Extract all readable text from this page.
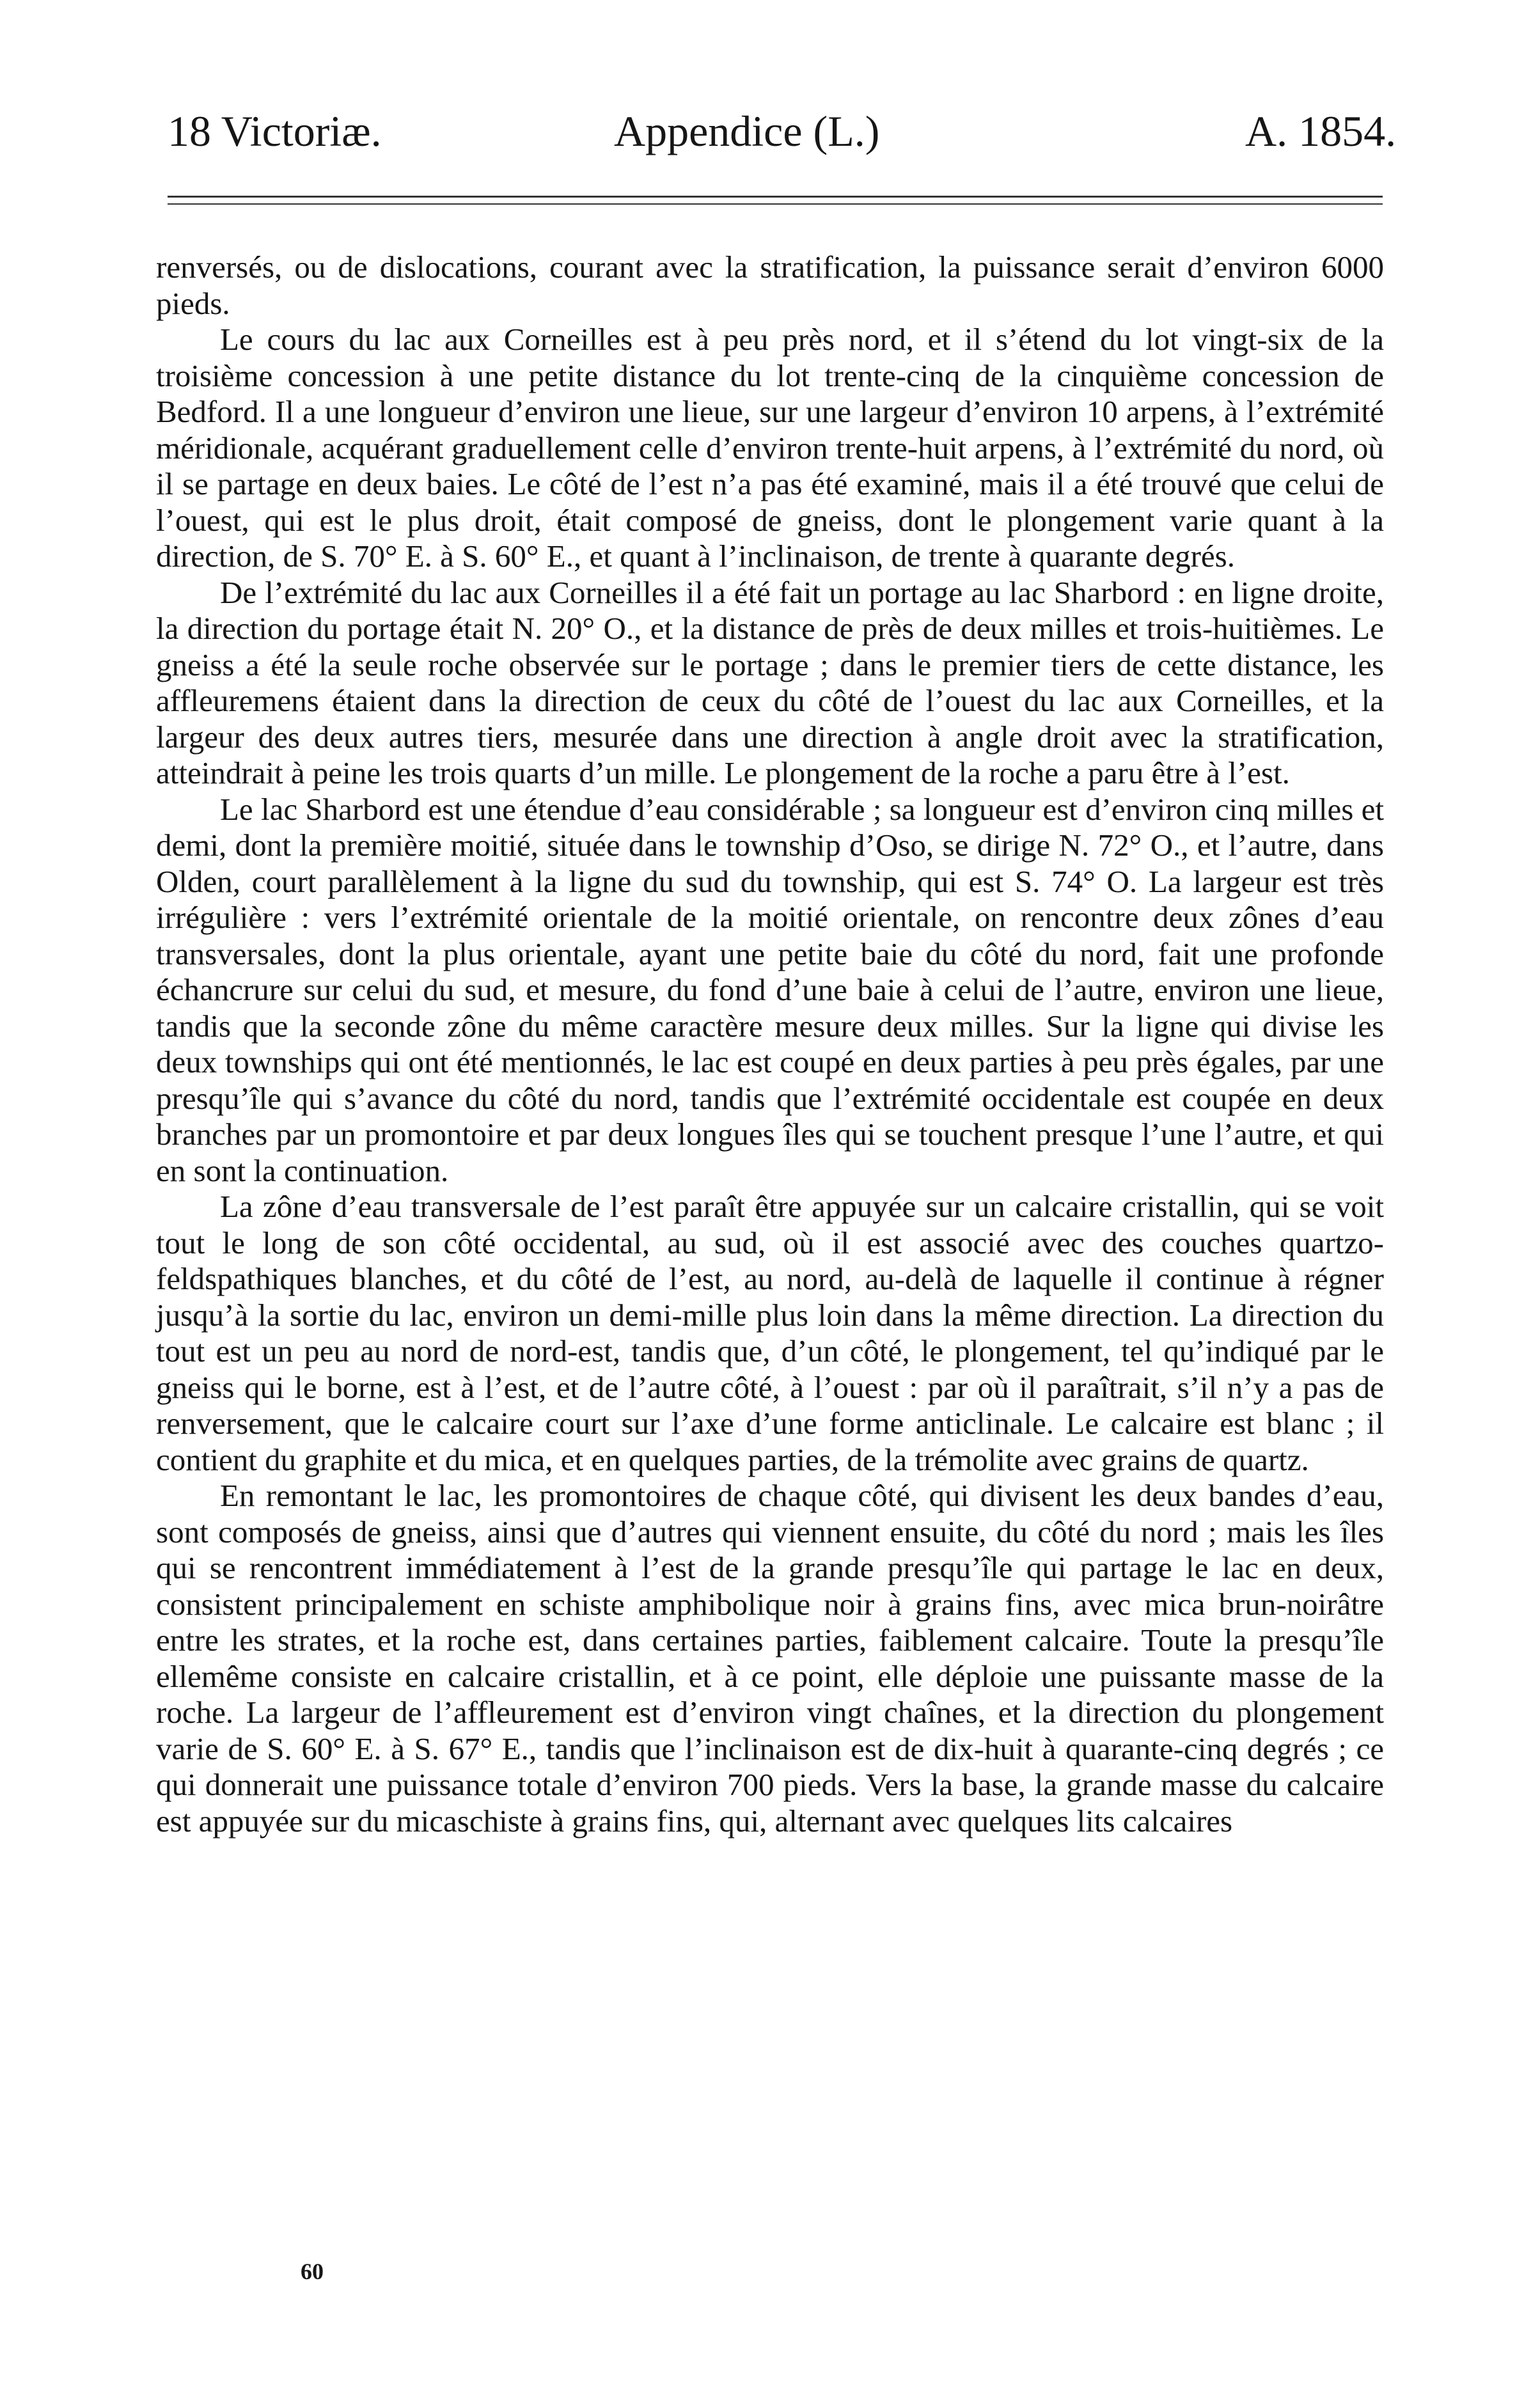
18 Victoriæ.	Appendice (L.)	A. 1854.

renversés, ou de dislocations, courant avec la stratification, la puissance serait d’environ 6000 pieds.

Le cours du lac aux Corneilles est à peu près nord, et il s’étend du lot vingt-six de la troisième concession à une petite distance du lot trente-cinq de la cinquième concession de Bedford. Il a une longueur d’environ une lieue, sur une largeur d’environ 10 arpens, à l’extrémité méridionale, acquérant graduellement celle d’environ trente-huit arpens, à l’extrémité du nord, où il se partage en deux baies. Le côté de l’est n’a pas été examiné, mais il a été trouvé que celui de l’ouest, qui est le plus droit, était composé de gneiss, dont le plongement varie quant à la direction, de S. 70° E. à S. 60° E., et quant à l’inclinaison, de trente à quarante degrés.

De l’extrémité du lac aux Corneilles il a été fait un portage au lac Sharbord : en ligne droite, la direction du portage était N. 20° O., et la distance de près de deux milles et trois-huitièmes. Le gneiss a été la seule roche observée sur le portage ; dans le premier tiers de cette distance, les affleuremens étaient dans la direction de ceux du côté de l’ouest du lac aux Corneilles, et la largeur des deux autres tiers, mesurée dans une direction à angle droit avec la stratification, atteindrait à peine les trois quarts d’un mille. Le plongement de la roche a paru être à l’est.

Le lac Sharbord est une étendue d’eau considérable ; sa longueur est d’environ cinq milles et demi, dont la première moitié, située dans le township d’Oso, se dirige N. 72° O., et l’autre, dans Olden, court parallèlement à la ligne du sud du township, qui est S. 74° O. La largeur est très irrégulière : vers l’extrémité orientale de la moitié orientale, on rencontre deux zônes d’eau transversales, dont la plus orientale, ayant une petite baie du côté du nord, fait une profonde échancrure sur celui du sud, et mesure, du fond d’une baie à celui de l’autre, environ une lieue, tandis que la seconde zône du même caractère mesure deux milles. Sur la ligne qui divise les deux townships qui ont été mentionnés, le lac est coupé en deux parties à peu près égales, par une presqu’île qui s’avance du côté du nord, tandis que l’extrémité occidentale est coupée en deux branches par un promontoire et par deux longues îles qui se touchent presque l’une l’autre, et qui en sont la continuation.

La zône d’eau transversale de l’est paraît être appuyée sur un calcaire cristallin, qui se voit tout le long de son côté occidental, au sud, où il est associé avec des couches quartzo-feldspathiques blanches, et du côté de l’est, au nord, au-delà de laquelle il continue à régner jusqu’à la sortie du lac, environ un demi-mille plus loin dans la même direction. La direction du tout est un peu au nord de nord-est, tandis que, d’un côté, le plongement, tel qu’indiqué par le gneiss qui le borne, est à l’est, et de l’autre côté, à l’ouest : par où il paraîtrait, s’il n’y a pas de renversement, que le calcaire court sur l’axe d’une forme anticlinale. Le calcaire est blanc ; il contient du graphite et du mica, et en quelques parties, de la trémolite avec grains de quartz.

En remontant le lac, les promontoires de chaque côté, qui divisent les deux bandes d’eau, sont composés de gneiss, ainsi que d’autres qui viennent ensuite, du côté du nord ; mais les îles qui se rencontrent immédiatement à l’est de la grande presqu’île qui partage le lac en deux, consistent principalement en schiste amphibolique noir à grains fins, avec mica brun-noirâtre entre les strates, et la roche est, dans certaines parties, faiblement calcaire. Toute la presqu’île ellemême consiste en calcaire cristallin, et à ce point, elle déploie une puissante masse de la roche. La largeur de l’affleurement est d’environ vingt chaînes, et la direction du plongement varie de S. 60° E. à S. 67° E., tandis que l’inclinaison est de dix-huit à quarante-cinq degrés ; ce qui donnerait une puissance totale d’environ 700 pieds. Vers la base, la grande masse du calcaire est appuyée sur du micaschiste à grains fins, qui, alternant avec quelques lits calcaires

60
